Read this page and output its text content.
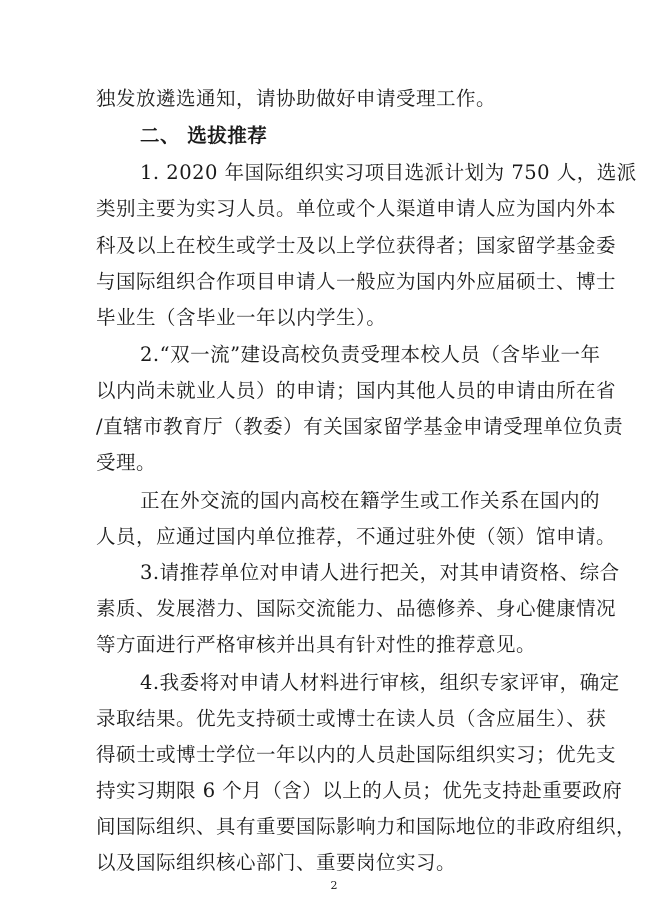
独发放遴选通知，请协助做好申请受理工作。
二、 选拔推荐
1. 2020 年国际组织实习项目选派计划为 750 人，选派
类别主要为实习人员。单位或个人渠道申请人应为国内外本
科及以上在校生或学士及以上学位获得者；国家留学基金委
与国际组织合作项目申请人一般应为国内外应届硕士、博士
毕业生（含毕业一年以内学生）。
2.“双一流”建设高校负责受理本校人员（含毕业一年
以内尚未就业人员）的申请；国内其他人员的申请由所在省
/直辖市教育厅（教委）有关国家留学基金申请受理单位负责
受理。
正在外交流的国内高校在籍学生或工作关系在国内的
人员，应通过国内单位推荐，不通过驻外使（领）馆申请。
3.请推荐单位对申请人进行把关，对其申请资格、综合
素质、发展潜力、国际交流能力、品德修养、身心健康情况
等方面进行严格审核并出具有针对性的推荐意见。
4.我委将对申请人材料进行审核，组织专家评审，确定
录取结果。优先支持硕士或博士在读人员（含应届生）、获
得硕士或博士学位一年以内的人员赴国际组织实习；优先支
持实习期限 6 个月（含）以上的人员；优先支持赴重要政府
间国际组织、具有重要国际影响力和国际地位的非政府组织，
以及国际组织核心部门、重要岗位实习。
2
